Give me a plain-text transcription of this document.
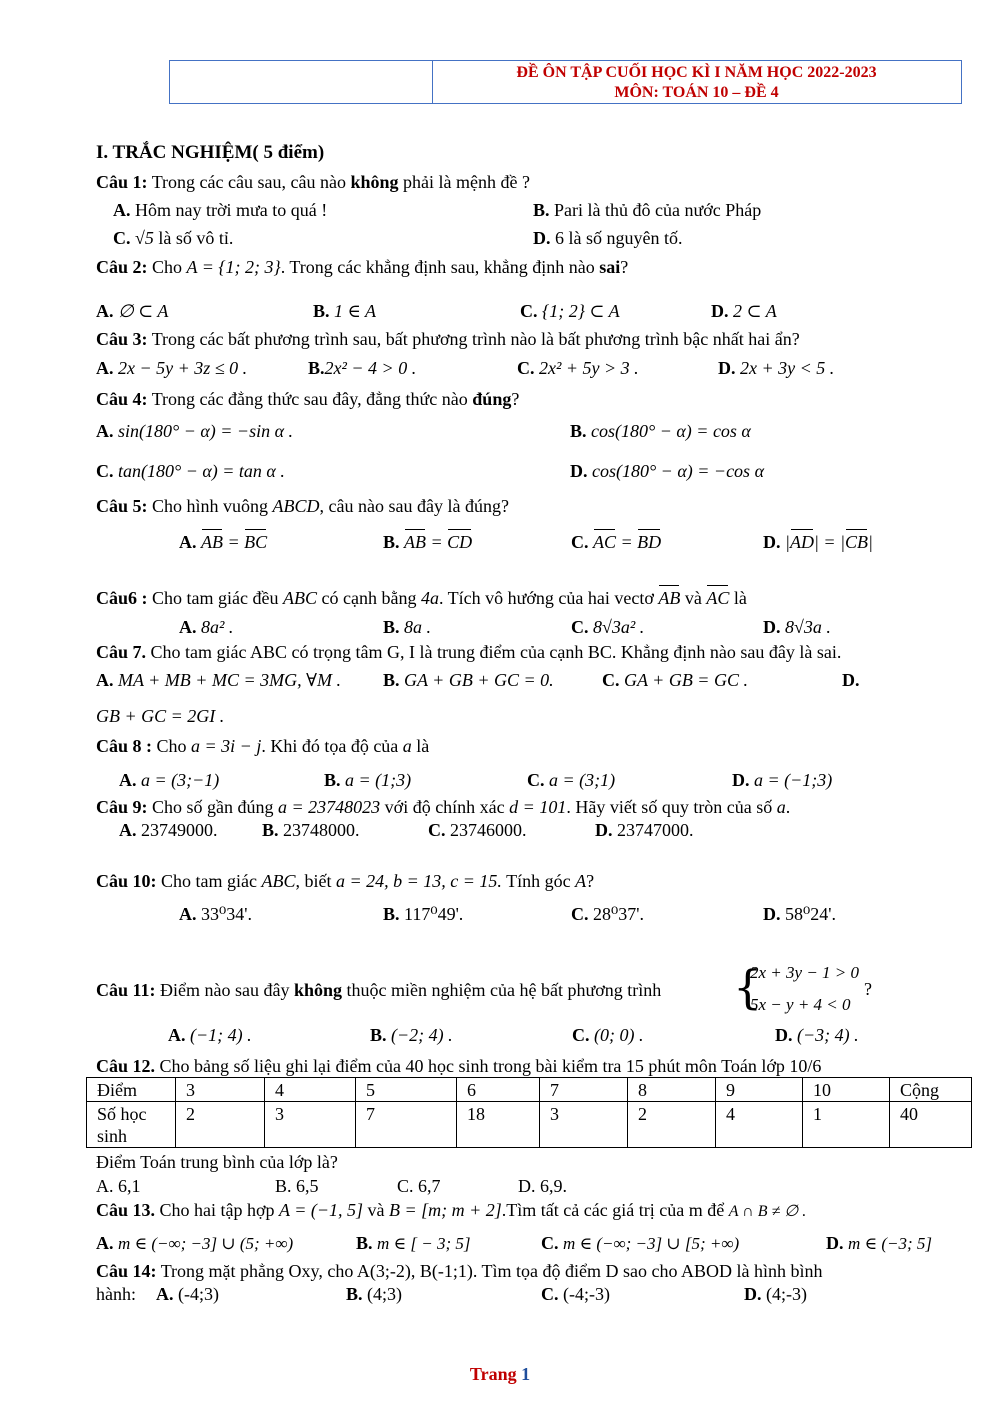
ĐỀ ÔN TẬP CUỐI HỌC KÌ I NĂM HỌC 2022-2023
MÔN: TOÁN 10 – ĐỀ 4
I. TRẮC NGHIỆM( 5 điểm)
Câu 1: Trong các câu sau, câu nào không phải là mệnh đề ?
A. Hôm nay trời mưa to quá !	B. Pari là thủ đô của nước Pháp
C. √5 là số vô tỉ.	D. 6 là số nguyên tố.
Câu 2: Cho A = {1; 2; 3}. Trong các khẳng định sau, khẳng định nào sai?
A. ∅ ⊂ A	B. 1 ∈ A	C. {1; 2} ⊂ A	D. 2 ⊂ A
Câu 3: Trong các bất phương trình sau, bất phương trình nào là bất phương trình bậc nhất hai ẩn?
A. 2x − 5y + 3z ≤ 0 .	B.2x² − 4 > 0 .	C. 2x² + 5y > 3 .	D. 2x + 3y < 5 .
Câu 4: Trong các đẳng thức sau đây, đẳng thức nào đúng?
A. sin(180° − α) = −sin α .	B. cos(180° − α) = cos α
C. tan(180° − α) = tan α .	D. cos(180° − α) = −cos α
Câu 5: Cho hình vuông ABCD, câu nào sau đây là đúng?
A. AB = BC	B. AB = CD	C. AC = BD	D. |AD| = |CB|
Câu6 : Cho tam giác đều ABC có cạnh bằng 4a. Tích vô hướng của hai vectơ AB và AC là
A. 8a² .	B. 8a .	C. 8√3a² .	D. 8√3a .
Câu 7. Cho tam giác ABC có trọng tâm G, I là trung điểm của cạnh BC. Khẳng định nào sau đây là sai.
A. MA + MB + MC = 3MG, ∀M . B. GA + GB + GC = 0.	C. GA + GB = GC .	D.
GB + GC = 2GI .
Câu 8 : Cho a = 3i − j. Khi đó tọa độ của a là
A. a = (3;−1)	B. a = (1;3)	C. a = (3;1)	D. a = (−1;3)
Câu 9: Cho số gần đúng a = 23748023 với độ chính xác d = 101. Hãy viết số quy tròn của số a.
A. 23749000. B. 23748000.	C. 23746000.	D. 23747000.
Câu 10: Cho tam giác ABC, biết a = 24, b = 13, c = 15. Tính góc A?
A. 33⁰34'.	B. 117⁰49'.	C. 28⁰37'.	D. 58⁰24'.
Câu 11: Điểm nào sau đây không thuộc miền nghiệm của hệ bất phương trình {
2x + 3y − 1 > 0
5x − y + 4 < 0
?
A. (−1; 4) .	B. (−2; 4) .	C. (0; 0) .	D. (−3; 4) .
Câu 12. Cho bảng số liệu ghi lại điểm của 40 học sinh trong bài kiểm tra 15 phút môn Toán lớp 10/6
Điểm	3	4	5	6	7	8	9	10	Cộng
Số học
sinh	2	3	7	18	3	2	4	1	40
Điểm Toán trung bình của lớp là?
A. 6,1	B. 6,5	C. 6,7	D. 6,9.
Câu 13. Cho hai tập hợp A = (−1, 5] và B = [m; m + 2].Tìm tất cả các giá trị của m để A ∩ B ≠ ∅ .
A. m ∈ (−∞; −3] ∪ (5; +∞)	B. m ∈ [ − 3; 5]	C. m ∈ (−∞; −3] ∪ [5; +∞)	D. m ∈ (−3; 5]
Câu 14: Trong mặt phẳng Oxy, cho A(3;-2), B(-1;1). Tìm tọa độ điểm D sao cho ABOD là hình bình
hành: A. (-4;3)	B. (4;3)	C. (-4;-3)	D. (4;-3)
Trang 1
